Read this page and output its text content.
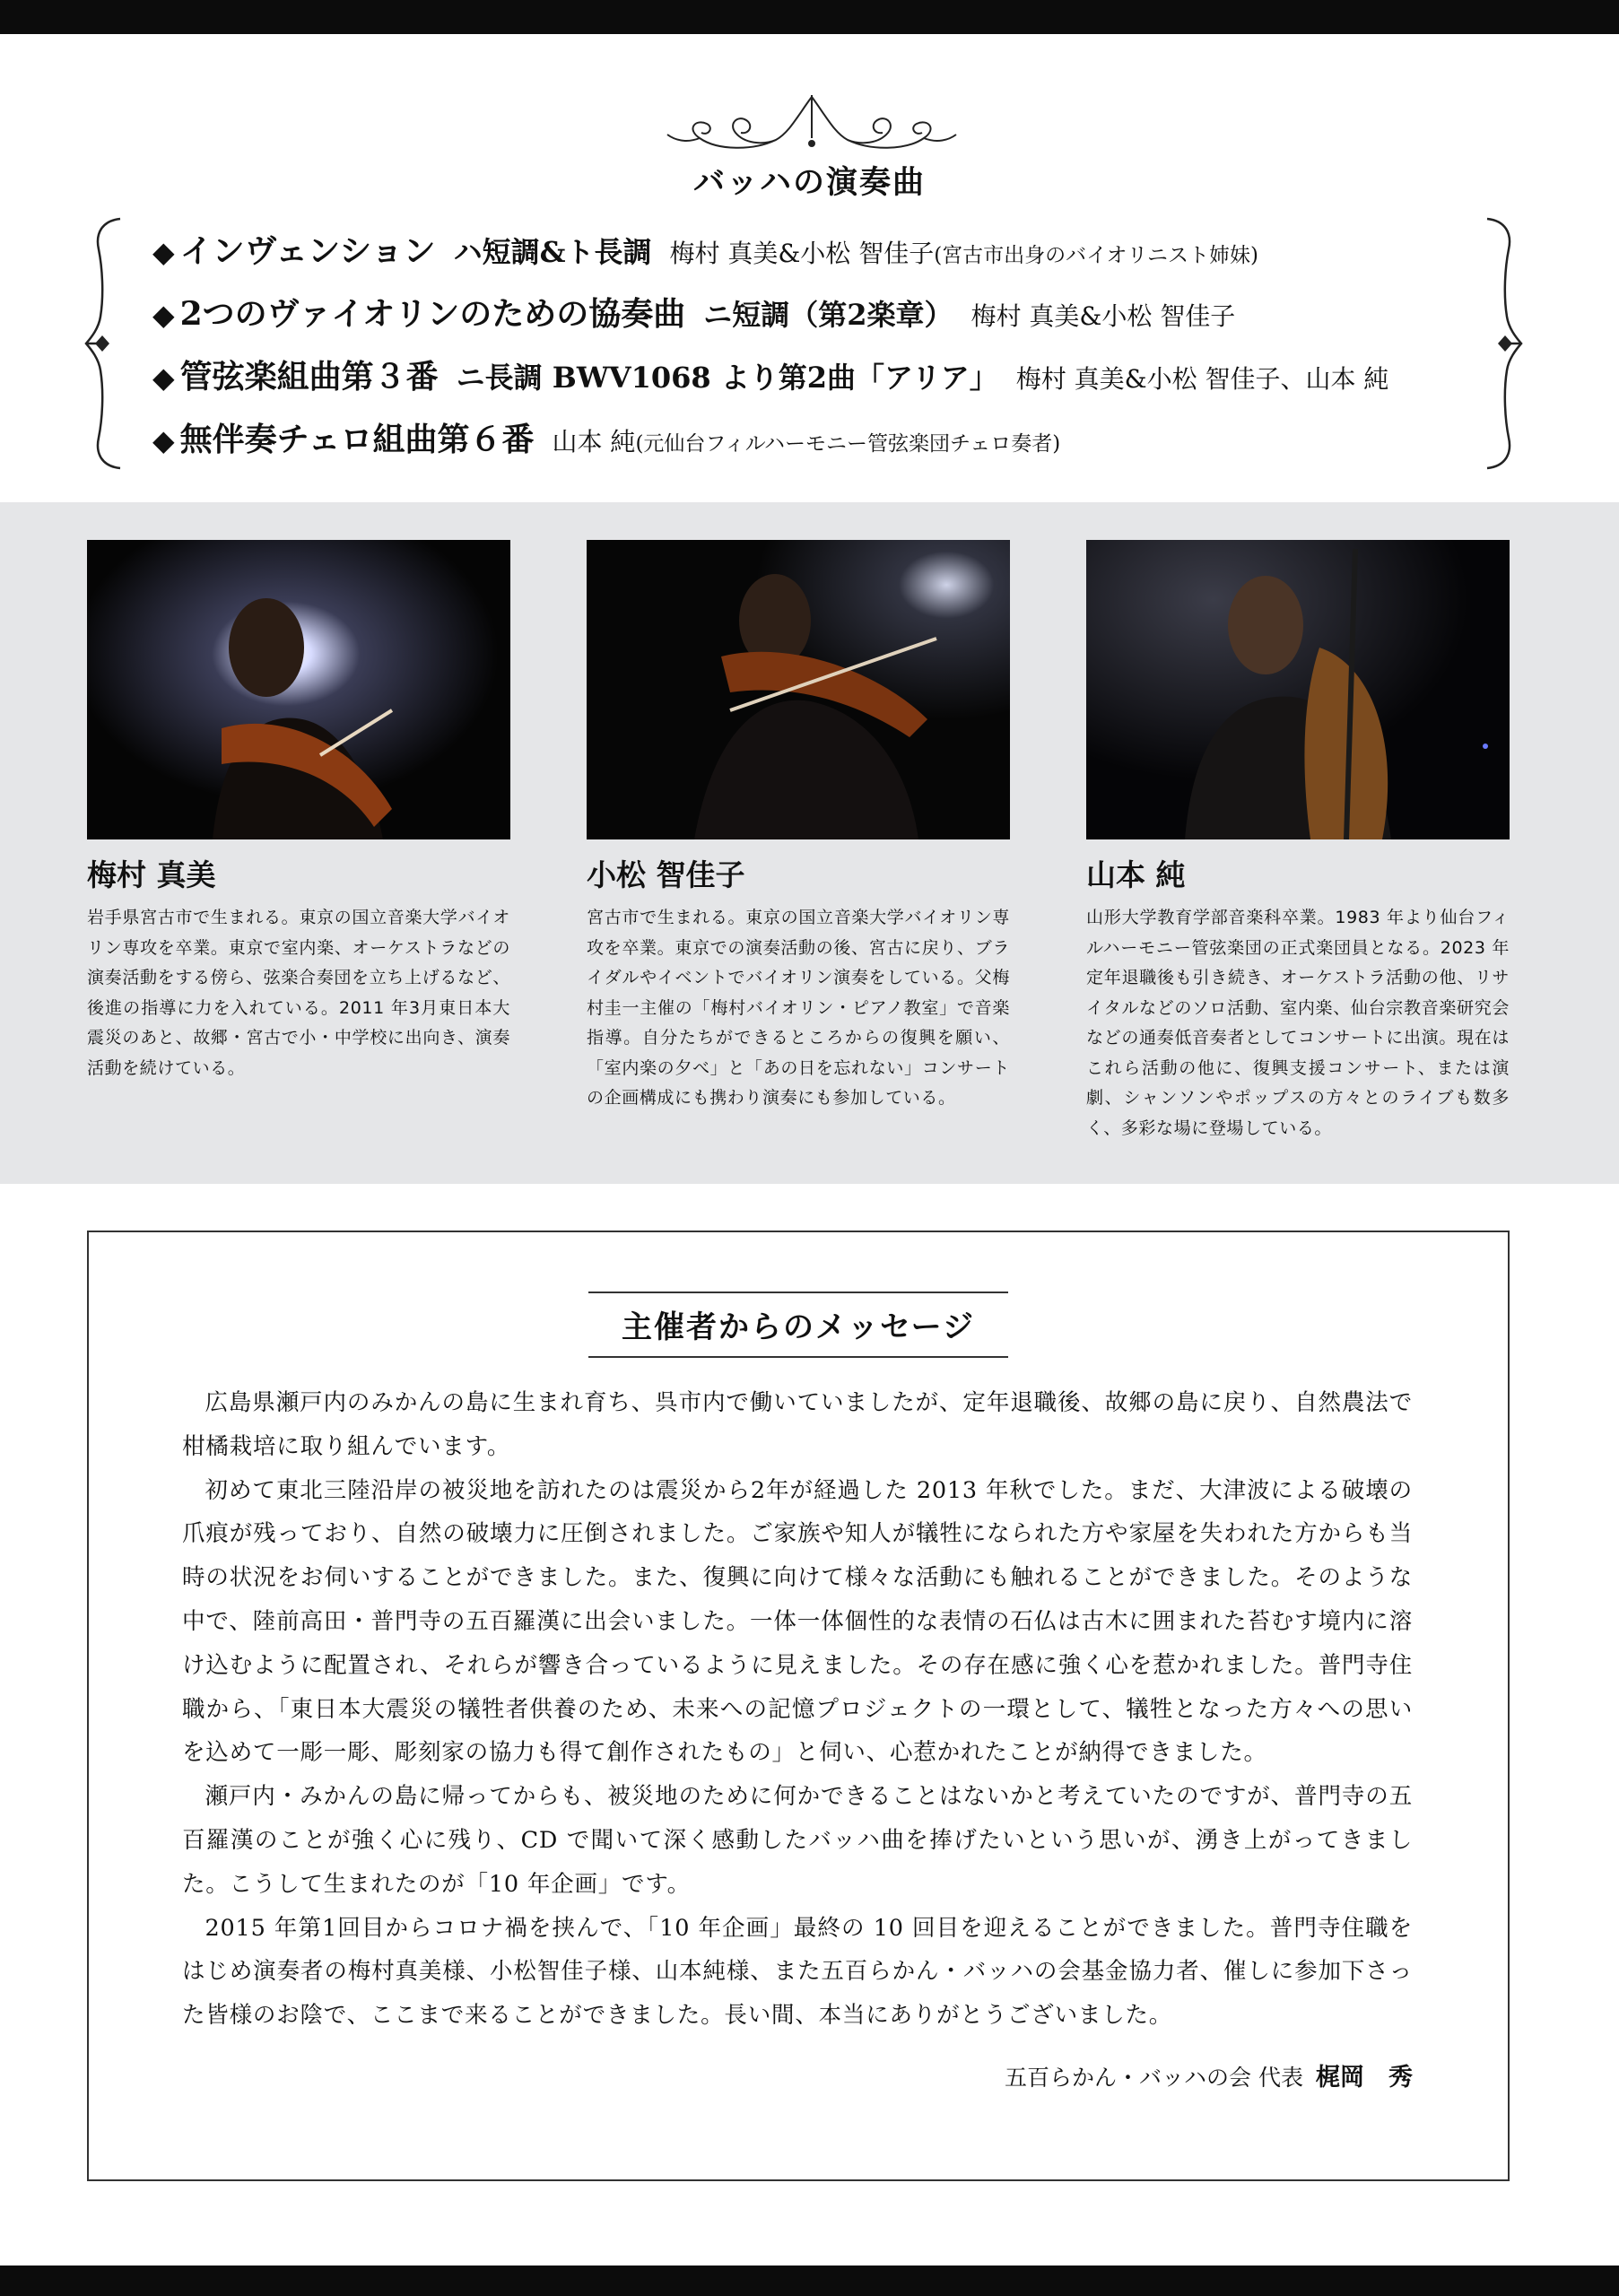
バッハの演奏曲
◆ インヴェンション ハ短調&ト長調 梅村 真美&小松 智佳子(宮古市出身のバイオリニスト姉妹)
◆ 2つのヴァイオリンのための協奏曲 ニ短調（第2楽章） 梅村 真美&小松 智佳子
◆ 管弦楽組曲第３番 ニ長調 BWV1068 より第2曲「アリア」 梅村 真美&小松 智佳子、山本 純
◆ 無伴奏チェロ組曲第６番 山本 純(元仙台フィルハーモニー管弦楽団チェロ奏者)
梅村 真美
岩手県宮古市で生まれる。東京の国立音楽大学バイオリン専攻を卒業。東京で室内楽、オーケストラなどの演奏活動をする傍ら、弦楽合奏団を立ち上げるなど、後進の指導に力を入れている。2011 年3月東日本大震災のあと、故郷・宮古で小・中学校に出向き、演奏活動を続けている。
小松 智佳子
宮古市で生まれる。東京の国立音楽大学バイオリン専攻を卒業。東京での演奏活動の後、宮古に戻り、ブライダルやイベントでバイオリン演奏をしている。父梅村圭一主催の「梅村バイオリン・ピアノ教室」で音楽指導。自分たちができるところからの復興を願い、「室内楽の夕べ」と「あの日を忘れない」コンサートの企画構成にも携わり演奏にも参加している。
山本 純
山形大学教育学部音楽科卒業。1983 年より仙台フィルハーモニー管弦楽団の正式楽団員となる。2023 年定年退職後も引き続き、オーケストラ活動の他、リサイタルなどのソロ活動、室内楽、仙台宗教音楽研究会などの通奏低音奏者としてコンサートに出演。現在はこれら活動の他に、復興支援コンサート、または演劇、シャンソンやポップスの方々とのライブも数多く、多彩な場に登場している。
主催者からのメッセージ

広島県瀬戸内のみかんの島に生まれ育ち、呉市内で働いていましたが、定年退職後、故郷の島に戻り、自然農法で柑橘栽培に取り組んでいます。

初めて東北三陸沿岸の被災地を訪れたのは震災から2年が経過した 2013 年秋でした。まだ、大津波による破壊の爪痕が残っており、自然の破壊力に圧倒されました。ご家族や知人が犠牲になられた方や家屋を失われた方からも当時の状況をお伺いすることができました。また、復興に向けて様々な活動にも触れることができました。そのような中で、陸前高田・普門寺の五百羅漢に出会いました。一体一体個性的な表情の石仏は古木に囲まれた苔むす境内に溶け込むように配置され、それらが響き合っているように見えました。その存在感に強く心を惹かれました。普門寺住職から、「東日本大震災の犠牲者供養のため、未来への記憶プロジェクトの一環として、犠牲となった方々への思いを込めて一彫一彫、彫刻家の協力も得て創作されたもの」と伺い、心惹かれたことが納得できました。

瀬戸内・みかんの島に帰ってからも、被災地のために何かできることはないかと考えていたのですが、普門寺の五百羅漢のことが強く心に残り、CD で聞いて深く感動したバッハ曲を捧げたいという思いが、湧き上がってきました。こうして生まれたのが「10 年企画」です。

2015 年第1回目からコロナ禍を挟んで、「10 年企画」最終の 10 回目を迎えることができました。普門寺住職をはじめ演奏者の梅村真美様、小松智佳子様、山本純様、また五百らかん・バッハの会基金協力者、催しに参加下さった皆様のお陰で、ここまで来ることができました。長い間、本当にありがとうございました。

五百らかん・バッハの会 代表 梶岡　秀
